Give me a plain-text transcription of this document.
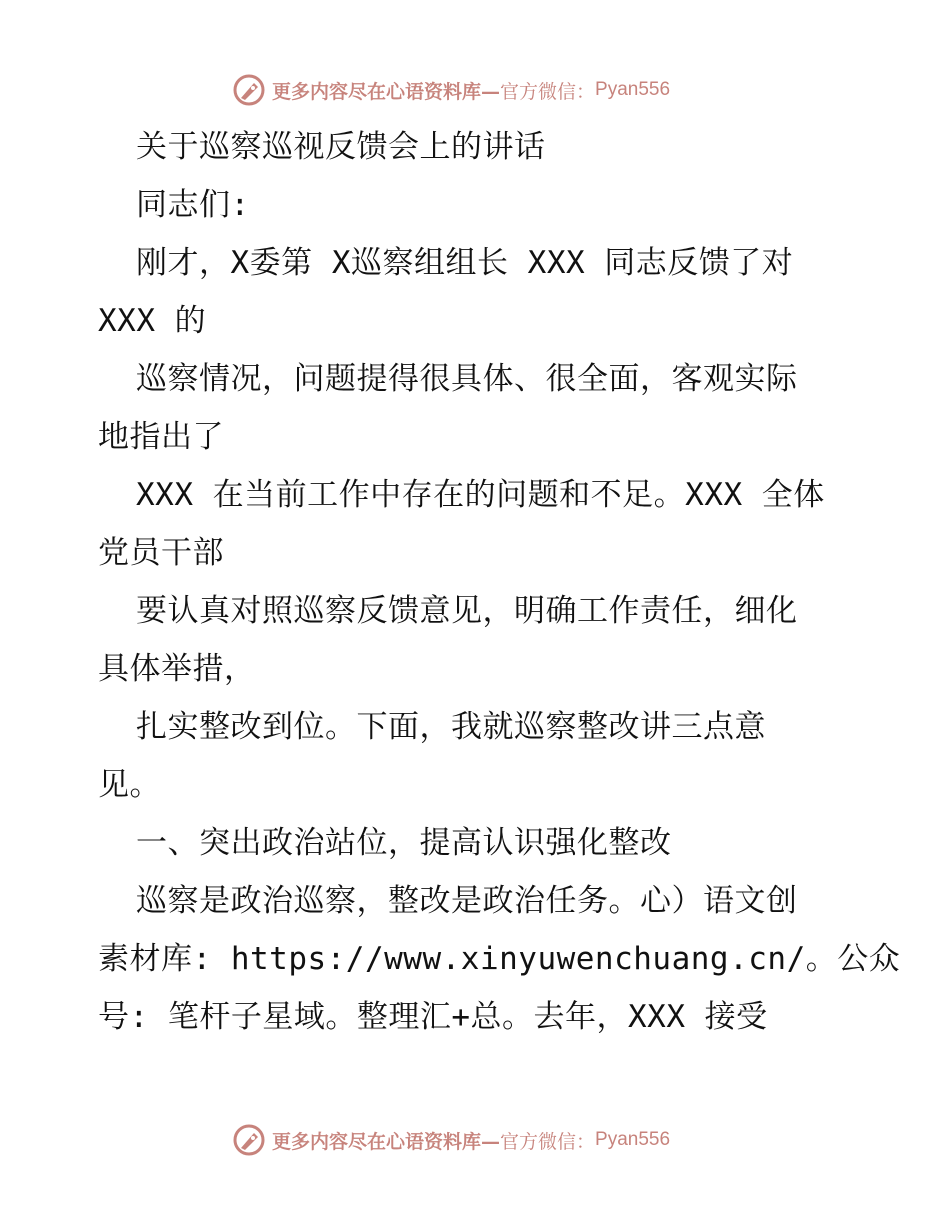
更多内容尽在心语资料库— 官方微信： Pyan556
关于巡察巡视反馈会上的讲话
同志们:
刚才，X委第 X巡察组组长 XXX 同志反馈了对
XXX 的
巡察情况，问题提得很具体、很全面，客观实际
地指出了
XXX 在当前工作中存在的问题和不足。XXX 全体
党员干部
要认真对照巡察反馈意见，明确工作责任，细化
具体举措，
扎实整改到位。下面，我就巡察整改讲三点意
见。
一、突出政治站位，提高认识强化整改
巡察是政治巡察，整改是政治任务。心）语文创
素材库: https://www.xinyuwenchuang.cn/。公众
号: 笔杆子星域。整理汇+总。去年，XXX 接受
更多内容尽在心语资料库— 官方微信： Pyan556
